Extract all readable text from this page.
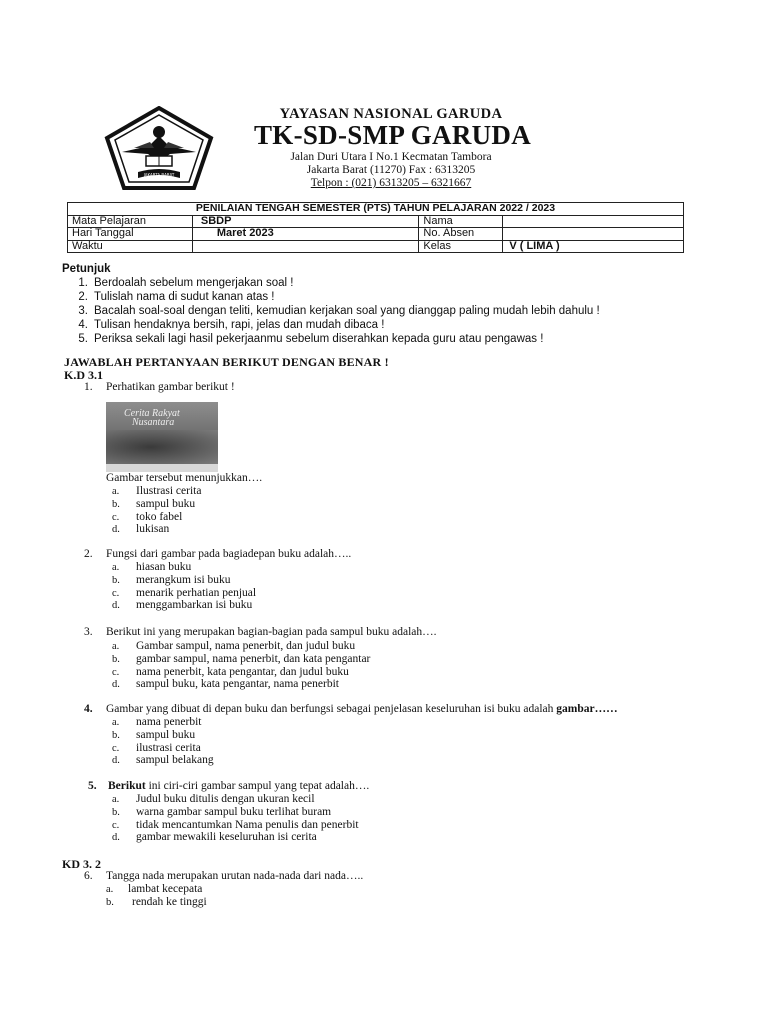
JAKARTA BARAT
YAYASAN NASIONAL GARUDA
TK-SD-SMP GARUDA
Jalan Duri Utara I No.1 Kecmatan Tambora
Jakarta Barat (11270) Fax : 6313205
Telpon : (021) 6313205 – 6321667
PENILAIAN TENGAH SEMESTER (PTS) TAHUN PELAJARAN 2022 / 2023			
Mata Pelajaran	SBDP	Nama	
Hari Tanggal	Maret 2023	No. Absen	
Waktu		Kelas	V ( LIMA )
Petunjuk
1. Berdoalah sebelum mengerjakan soal !
2. Tulislah nama di sudut kanan atas !
3. Bacalah soal-soal dengan teliti, kemudian kerjakan soal yang dianggap paling mudah lebih dahulu !
4. Tulisan hendaknya bersih, rapi, jelas dan mudah dibaca !
5. Periksa sekali lagi hasil pekerjaanmu sebelum diserahkan kepada guru atau pengawas !
JAWABLAH PERTANYAAN BERIKUT DENGAN BENAR !
K.D 3.1
1. Perhatikan gambar berikut !
Cerita Rakyat
Nusantara
Gambar tersebut menunjukkan….
a. Ilustrasi cerita
b. sampul buku
c. toko fabel
d. lukisan
2. Fungsi dari gambar pada bagiadepan buku adalah…..
a. hiasan buku
b. merangkum isi buku
c. menarik perhatian penjual
d. menggambarkan isi buku
3. Berikut ini yang merupakan bagian-bagian pada sampul buku adalah….
a. Gambar sampul, nama penerbit, dan judul buku
b. gambar sampul, nama penerbit, dan kata pengantar
c. nama penerbit, kata pengantar, dan judul buku
d. sampul buku, kata pengantar, nama penerbit
4. Gambar yang dibuat di depan buku dan berfungsi sebagai penjelasan keseluruhan isi buku adalah gambar……
a. nama penerbit
b. sampul buku
c. ilustrasi cerita
d. sampul belakang
5. Berikut ini ciri-ciri gambar sampul yang tepat adalah….
a. Judul buku ditulis dengan ukuran kecil
b. warna gambar sampul buku terlihat buram
c. tidak mencantumkan Nama penulis dan penerbit
d. gambar mewakili keseluruhan isi cerita
KD 3. 2
6. Tangga nada merupakan urutan nada-nada dari nada…..
a. lambat kecepata
b. rendah ke tinggi
